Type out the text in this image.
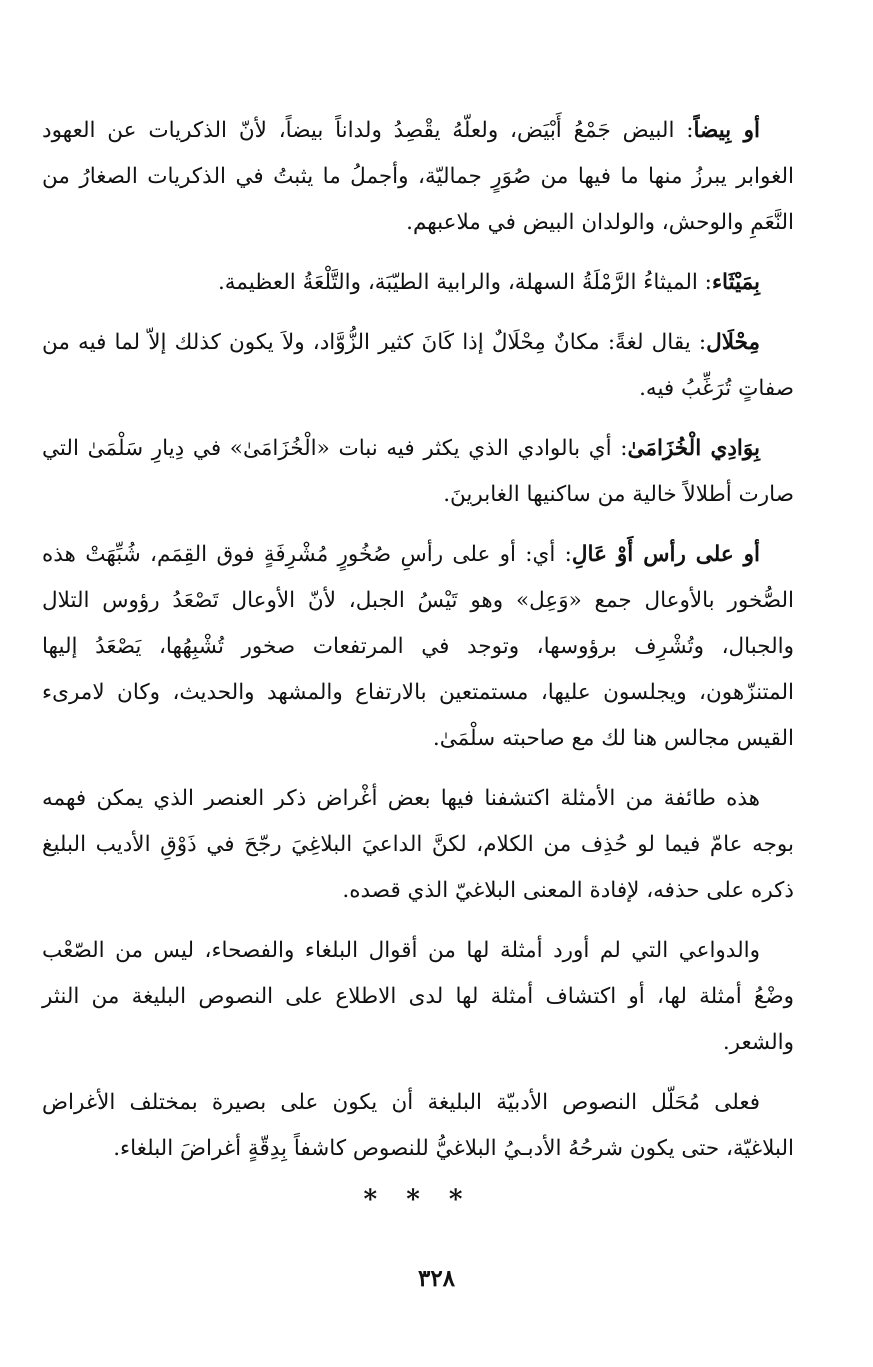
أو بِيضاً: البيض جَمْعُ أَبْيَض، ولعلّهُ يقْصِدُ ولداناً بيضاً، لأنّ الذكريات عن العهود الغوابر يبرزُ منها ما فيها من صُوَرٍ جماليّة، وأجملُ ما يثبتُ في الذكريات الصغارُ من النَّعَمِ والوحش، والولدان البيض في ملاعبهم.

بِمَيْثَاء: الميثاءُ الرَّمْلَةُ السهلة، والرابية الطيّبَة، والتَّلْعَةُ العظيمة.

مِحْلَال: يقال لغةً: مكانٌ مِحْلَالٌ إذا كَانَ كثير الزُّوَّاد، ولاَ يكون كذلك إلاّ لما فيه من صفاتٍ تُرَغِّبُ فيه.

بِوَادِي الْخُزَامَىٰ: أي بالوادي الذي يكثر فيه نبات «الْخُزَامَىٰ» في دِيارِ سَلْمَىٰ التي صارت أطلالاً خالية من ساكنيها الغابرينَ.

أو على رأس أَوْ عَالِ: أي: أو على رأسِ صُخُورٍ مُشْرِفَةٍ فوق القِمَم، شُبِّهَتْ هذه الصُّخور بالأوعال جمع «وَعِل» وهو تَيْسُ الجبل، لأنّ الأوعال تَصْعَدُ رؤوس التلال والجبال، وتُشْرِف برؤوسها، وتوجد في المرتفعات صخور تُشْبِهُها، يَصْعَدُ إليها المتنزّهون، ويجلسون عليها، مستمتعين بالارتفاع والمشهد والحديث، وكان لامرىء القيس مجالس هنا لك مع صاحبته سلْمَىٰ.

هذه طائفة من الأمثلة اكتشفنا فيها بعض أغْراض ذكر العنصر الذي يمكن فهمه بوجه عامّ فيما لو حُذِف من الكلام، لكنَّ الداعيَ البلاغِيَ رجّحَ في ذَوْقِ الأديب البليغ ذكره على حذفه، لإفادة المعنى البلاغيّ الذي قصده.

والدواعي التي لم أورد أمثلة لها من أقوال البلغاء والفصحاء، ليس من الصّعْب وضْعُ أمثلة لها، أو اكتشاف أمثلة لها لدى الاطلاع على النصوص البليغة من النثر والشعر.

فعلى مُحَلّل النصوص الأدبيّة البليغة أن يكون على بصيرة بمختلف الأغراض البلاغيّة، حتى يكون شرحُهُ الأدبـيُ البلاغيُّ للنصوص كاشفاً بِدِقّةٍ أغراضَ البلغاء.

* * *
٣٢٨
